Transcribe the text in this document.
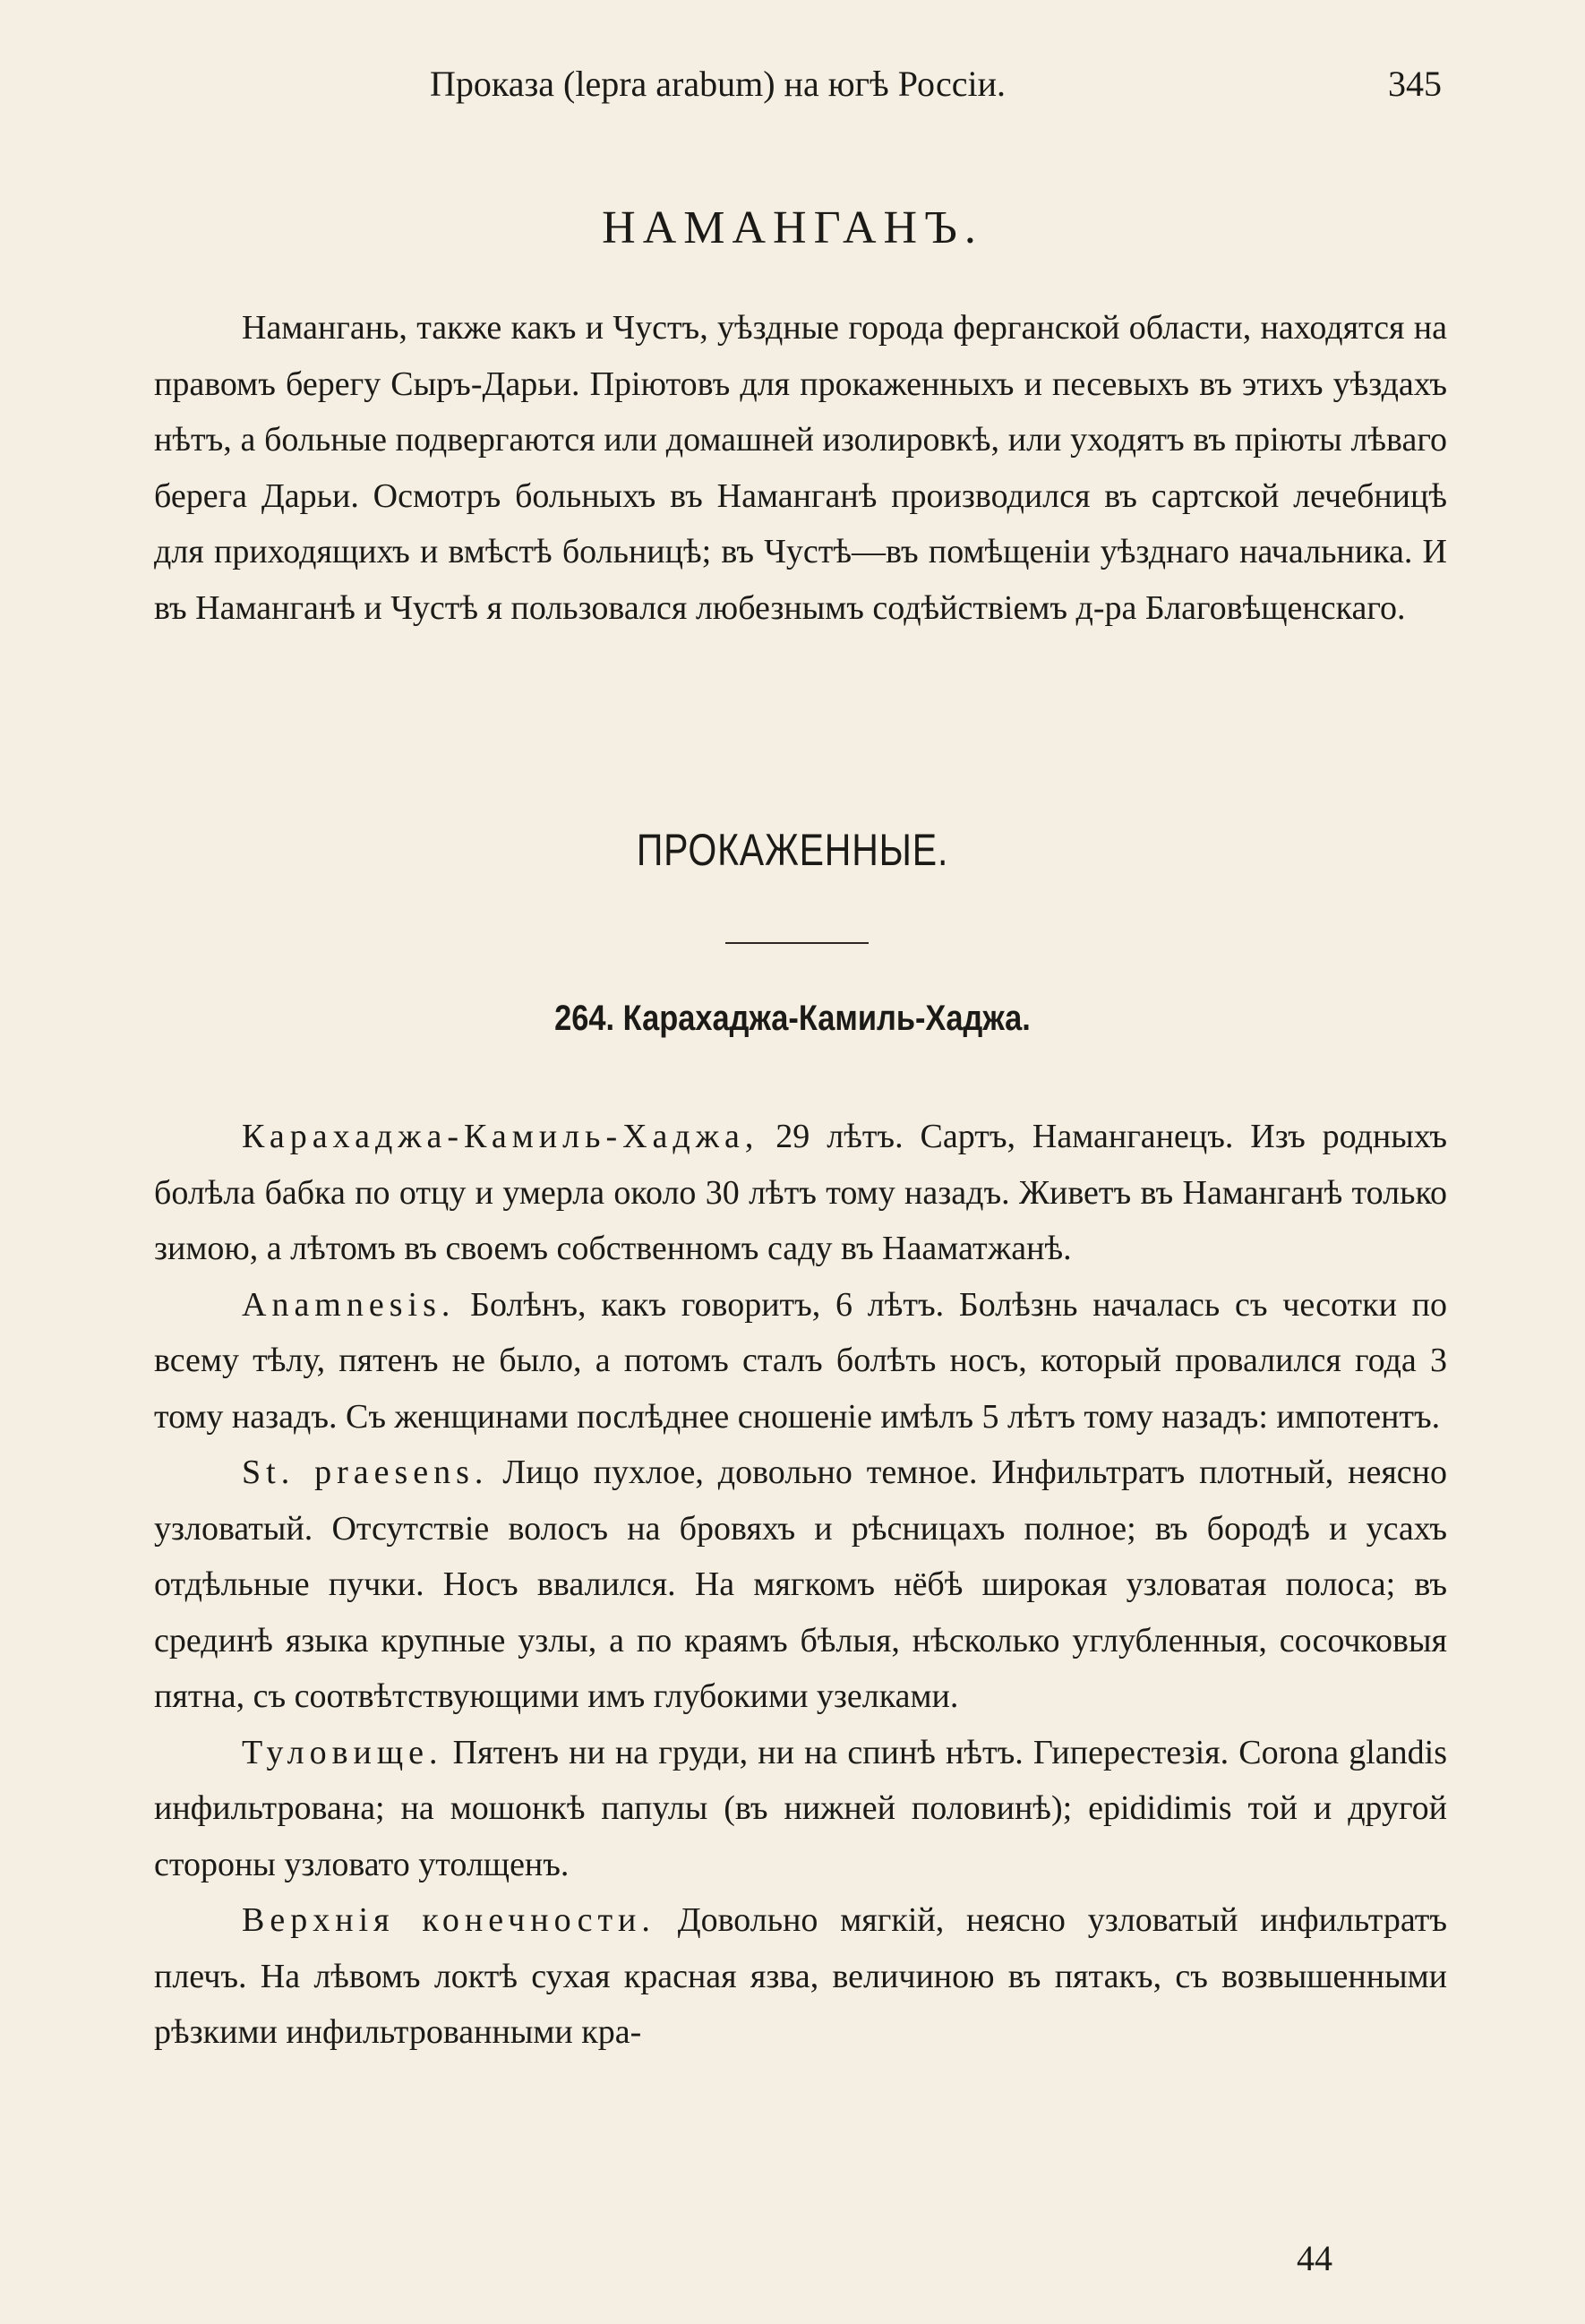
Проказа (lepra arabum) на югѣ Россіи.	345
НАМАНГАНЪ.

Намангань, также какъ и Чустъ, уѣздные города ферганской области, находятся на правомъ берегу Сыръ-Дарьи. Пріютовъ для прокаженныхъ и песевыхъ въ этихъ уѣздахъ нѣтъ, а больные подвергаются или домашней изолировкѣ, или уходятъ въ пріюты лѣваго берега Дарьи. Осмотръ больныхъ въ Наманганѣ производился въ сартской лечебницѣ для приходящихъ и вмѣстѣ больницѣ; въ Чустѣ—въ помѣщеніи уѣзднаго начальника. И въ Наманганѣ и Чустѣ я пользовался любезнымъ содѣйствіемъ д-ра Благовѣщенскаго.

ПРОКАЖЕННЫЕ.
264. Карахаджа-Камиль-Хаджа.

Карахаджа-Камиль-Хаджа, 29 лѣтъ. Сартъ, Наманганецъ. Изъ родныхъ болѣла бабка по отцу и умерла около 30 лѣтъ тому назадъ. Живетъ въ Наманганѣ только зимою, а лѣтомъ въ своемъ собственномъ саду въ Нааматжанѣ.

Anamnesis. Болѣнъ, какъ говоритъ, 6 лѣтъ. Болѣзнь началась съ чесотки по всему тѣлу, пятенъ не было, а потомъ сталъ болѣть носъ, который провалился года 3 тому назадъ. Съ женщинами послѣднее сношеніе имѣлъ 5 лѣтъ тому назадъ: импотентъ.

St. praesens. Лицо пухлое, довольно темное. Инфильтратъ плотный, неясно узловатый. Отсутствіе волосъ на бровяхъ и рѣсницахъ полное; въ бородѣ и усахъ отдѣльные пучки. Носъ ввалился. На мягкомъ нёбѣ широкая узловатая полоса; въ срединѣ языка крупные узлы, а по краямъ бѣлыя, нѣсколько углубленныя, сосочковыя пятна, съ соотвѣтствующими имъ глубокими узелками.

Туловище. Пятенъ ни на груди, ни на спинѣ нѣтъ. Гиперестезія. Corona glandis инфильтрована; на мошонкѣ папулы (въ нижней половинѣ); epididimis той и другой стороны узловато утолщенъ.

Верхнія конечности. Довольно мягкій, неясно узловатый инфильтратъ плечъ. На лѣвомъ локтѣ сухая красная язва, величиною въ пятакъ, съ возвышенными рѣзкими инфильтрованными кра-

44
